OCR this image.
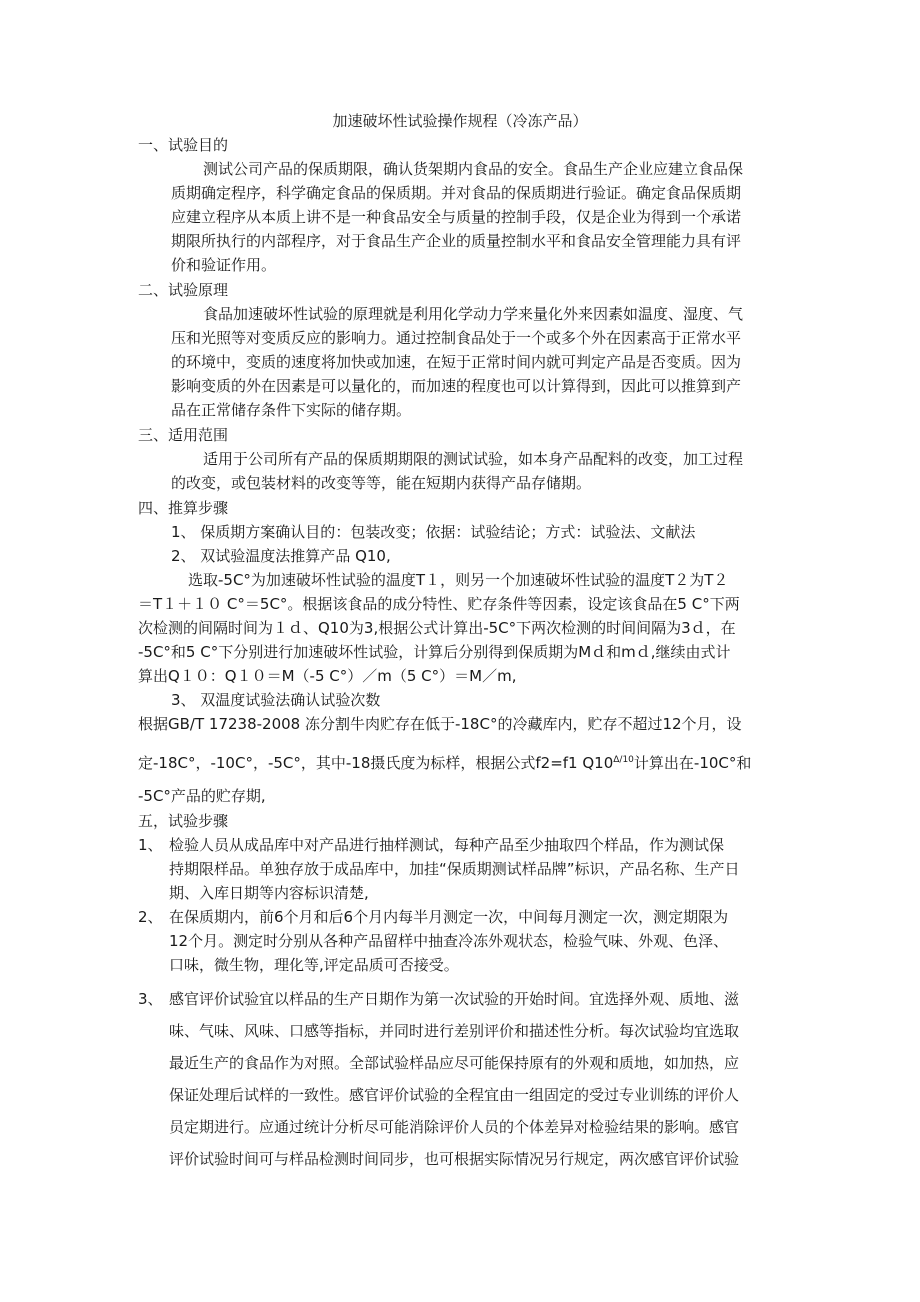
加速破坏性试验操作规程（冷冻产品）
一、试验目的
测试公司产品的保质期限，确认货架期内食品的安全。食品生产企业应建立食品保
质期确定程序，科学确定食品的保质期。并对食品的保质期进行验证。确定食品保质期
应建立程序从本质上讲不是一种食品安全与质量的控制手段，仅是企业为得到一个承诺
期限所执行的内部程序，对于食品生产企业的质量控制水平和食品安全管理能力具有评
价和验证作用。
二、试验原理
食品加速破坏性试验的原理就是利用化学动力学来量化外来因素如温度、湿度、气
压和光照等对变质反应的影响力。通过控制食品处于一个或多个外在因素高于正常水平
的环境中，变质的速度将加快或加速，在短于正常时间内就可判定产品是否变质。因为
影响变质的外在因素是可以量化的，而加速的程度也可以计算得到，因此可以推算到产
品在正常储存条件下实际的储存期。
三、适用范围
适用于公司所有产品的保质期期限的测试试验，如本身产品配料的改变，加工过程
的改变，或包装材料的改变等等，能在短期内获得产品存储期。
四、推算步骤
1、 保质期方案确认目的：包装改变；依据：试验结论；方式：试验法、文献法
2、 双试验温度法推算产品 Q10,
选取-5C°为加速破坏性试验的温度T１，则另一个加速破坏性试验的温度T２为T２
＝T１＋１０ C°＝5C°。根据该食品的成分特性、贮存条件等因素，设定该食品在5 C°下两
次检测的间隔时间为１ｄ、Q10为3,根据公式计算出-5C°下两次检测的时间间隔为3ｄ，在
-5C°和5 C°下分别进行加速破坏性试验，计算后分别得到保质期为Mｄ和mｄ,继续由式计
算出Q１０：Q１０＝M（-5 C°）／m（5 C°）＝M／m,
3、 双温度试验法确认试验次数
根据GB/T 17238-2008 冻分割牛肉贮存在低于-18C°的冷藏库内，贮存不超过12个月，设
定-18C°，-10C°，-5C°，其中-18摄氏度为标样，根据公式f2=f1 $Q10^{\Delta/10}$计算出在-10C°和
-5C°产品的贮存期,
五，试验步骤
1、 检验人员从成品库中对产品进行抽样测试，每种产品至少抽取四个样品，作为测试保
持期限样品。单独存放于成品库中，加挂“保质期测试样品牌”标识，产品名称、生产日
期、入库日期等内容标识清楚,
2、 在保质期内，前6个月和后6个月内每半月测定一次，中间每月测定一次，测定期限为
12个月。测定时分别从各种产品留样中抽查冷冻外观状态，检验气味、外观、色泽、
口味，微生物，理化等,评定品质可否接受。
3、 感官评价试验宜以样品的生产日期作为第一次试验的开始时间。宜选择外观、质地、滋
味、气味、风味、口感等指标，并同时进行差别评价和描述性分析。每次试验均宜选取
最近生产的食品作为对照。全部试验样品应尽可能保持原有的外观和质地，如加热，应
保证处理后试样的一致性。感官评价试验的全程宜由一组固定的受过专业训练的评价人
员定期进行。应通过统计分析尽可能消除评价人员的个体差异对检验结果的影响。感官
评价试验时间可与样品检测时间同步，也可根据实际情况另行规定，两次感官评价试验
